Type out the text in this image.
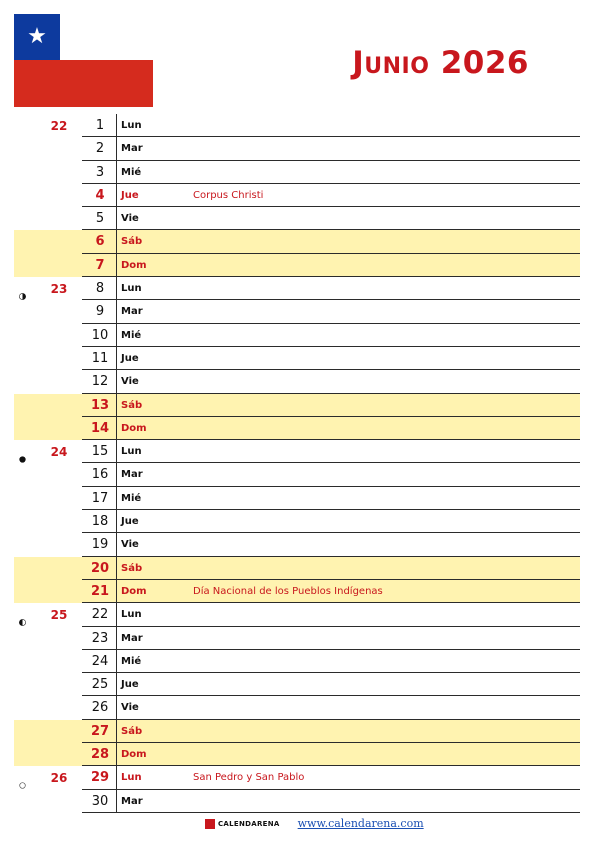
★
Junio 2026
22	1	Lun
2	Mar
3	Mié
4	Jue	Corpus Christi
5	Vie
6	Sáb
7	Dom
23	8	Lun
9	Mar
10	Mié
11	Jue
12	Vie
13	Sáb
14	Dom
24	15	Lun
16	Mar
17	Mié
18	Jue
19	Vie
20	Sáb
21	Dom	Día Nacional de los Pueblos Indígenas
25	22	Lun
23	Mar
24	Mié
25	Jue
26	Vie
27	Sáb
28	Dom
26	29	Lun	San Pedro y San Pablo
30	Mar
CALENDARENA www.calendarena.com
